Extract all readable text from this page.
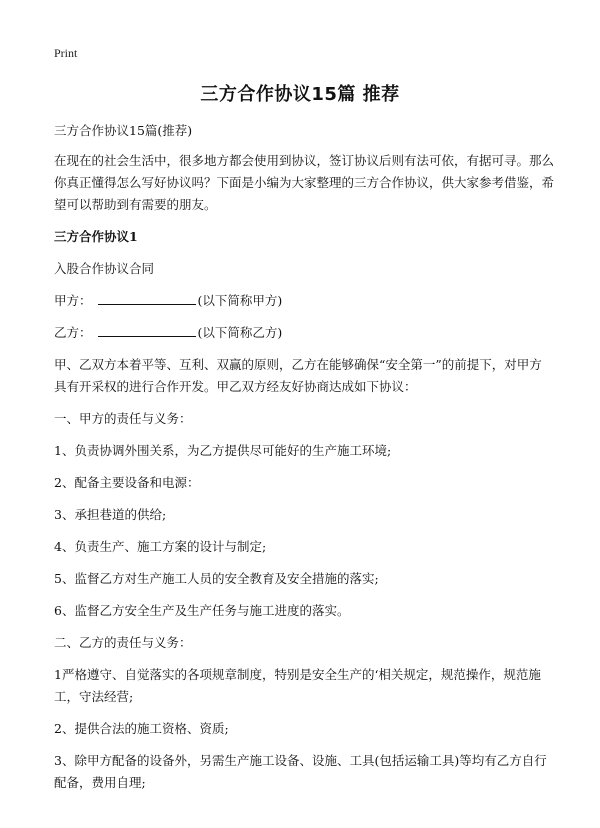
Print
三方合作协议15篇 推荐

三方合作协议15篇(推荐)

在现在的社会生活中，很多地方都会使用到协议，签订协议后则有法可依，有据可寻。那么你真正懂得怎么写好协议吗？下面是小编为大家整理的三方合作协议，供大家参考借鉴，希望可以帮助到有需要的朋友。

三方合作协议1

入股合作协议合同

甲方：	(以下简称甲方)

乙方：	(以下简称乙方)

甲、乙双方本着平等、互利、双赢的原则，乙方在能够确保“安全第一”的前提下，对甲方具有开采权的进行合作开发。甲乙双方经友好协商达成如下协议：

一、甲方的责任与义务：

1、负责协调外围关系，为乙方提供尽可能好的生产施工环境;

2、配备主要设备和电源：

3、承担巷道的供给;

4、负责生产、施工方案的设计与制定;

5、监督乙方对生产施工人员的安全教育及安全措施的落实;

6、监督乙方安全生产及生产任务与施工进度的落实。

二、乙方的责任与义务：

1严格遵守、自觉落实的各项规章制度，特别是安全生产的‘相关规定，规范操作，规范施工，守法经营;

2、提供合法的施工资格、资质;

3、除甲方配备的设备外，另需生产施工设备、设施、工具(包括运输工具)等均有乙方自行配备，费用自理;
